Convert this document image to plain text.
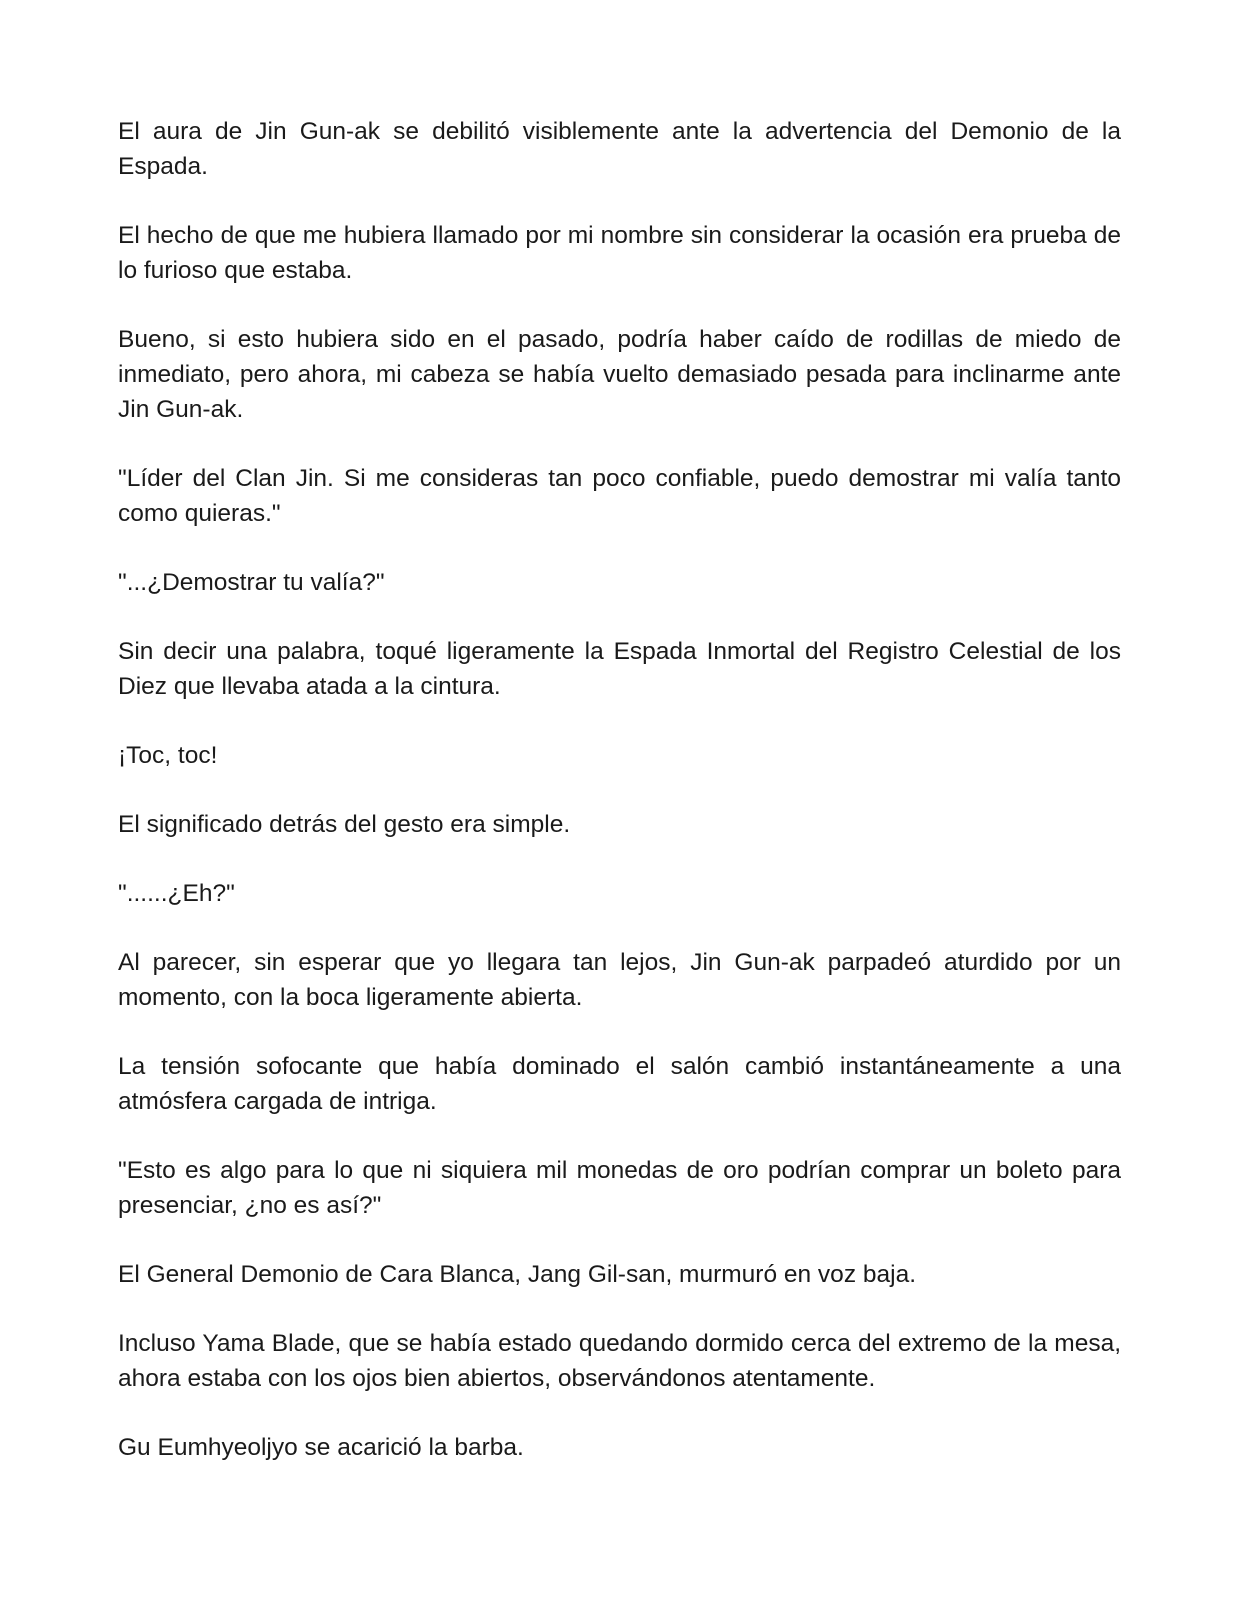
El aura de Jin Gun-ak se debilitó visiblemente ante la advertencia del Demonio de la Espada.

El hecho de que me hubiera llamado por mi nombre sin considerar la ocasión era prueba de lo furioso que estaba.

Bueno, si esto hubiera sido en el pasado, podría haber caído de rodillas de miedo de inmediato, pero ahora, mi cabeza se había vuelto demasiado pesada para inclinarme ante Jin Gun-ak.

"Líder del Clan Jin. Si me consideras tan poco confiable, puedo demostrar mi valía tanto como quieras."

"...¿Demostrar tu valía?"

Sin decir una palabra, toqué ligeramente la Espada Inmortal del Registro Celestial de los Diez que llevaba atada a la cintura.

¡Toc, toc!

El significado detrás del gesto era simple.

"......¿Eh?"

Al parecer, sin esperar que yo llegara tan lejos, Jin Gun-ak parpadeó aturdido por un momento, con la boca ligeramente abierta.

La tensión sofocante que había dominado el salón cambió instantáneamente a una atmósfera cargada de intriga.

"Esto es algo para lo que ni siquiera mil monedas de oro podrían comprar un boleto para presenciar, ¿no es así?"

El General Demonio de Cara Blanca, Jang Gil-san, murmuró en voz baja.

Incluso Yama Blade, que se había estado quedando dormido cerca del extremo de la mesa, ahora estaba con los ojos bien abiertos, observándonos atentamente.

Gu Eumhyeoljyo se acarició la barba.
